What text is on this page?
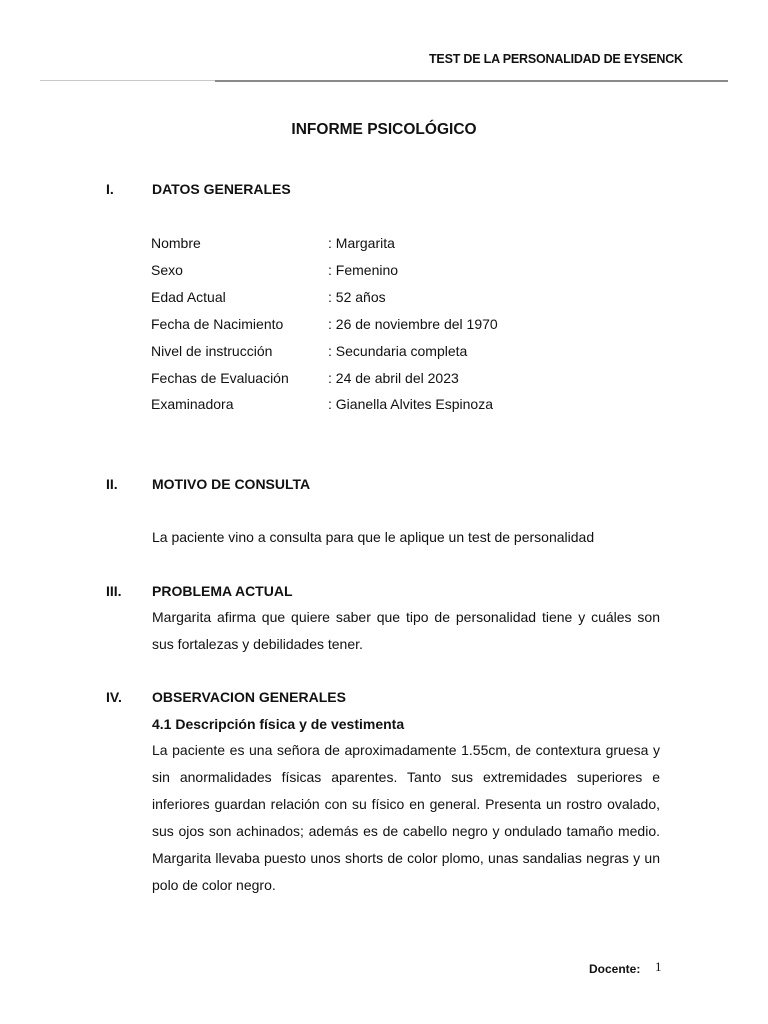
TEST DE LA PERSONALIDAD DE EYSENCK
INFORME PSICOLÓGICO
I.	DATOS GENERALES
Nombre	: Margarita
Sexo	: Femenino
Edad Actual	: 52 años
Fecha de Nacimiento	: 26 de noviembre del 1970
Nivel de instrucción	: Secundaria completa
Fechas de Evaluación	: 24 de abril del 2023
Examinadora	: Gianella Alvites Espinoza
II. MOTIVO DE CONSULTA
La paciente vino a consulta para que le aplique un test de personalidad
III. PROBLEMA ACTUAL
Margarita afirma que quiere saber que tipo de personalidad tiene y cuáles son sus fortalezas y debilidades tener.
IV. OBSERVACION GENERALES
4.1 Descripción física y de vestimenta
La paciente es una señora de aproximadamente 1.55cm, de contextura gruesa y sin anormalidades físicas aparentes. Tanto sus extremidades superiores e inferiores guardan relación con su físico en general. Presenta un rostro ovalado, sus ojos son achinados; además es de cabello negro y ondulado tamaño medio. Margarita llevaba puesto unos shorts de color plomo, unas sandalias negras y un polo de color negro.
Docente: 1
